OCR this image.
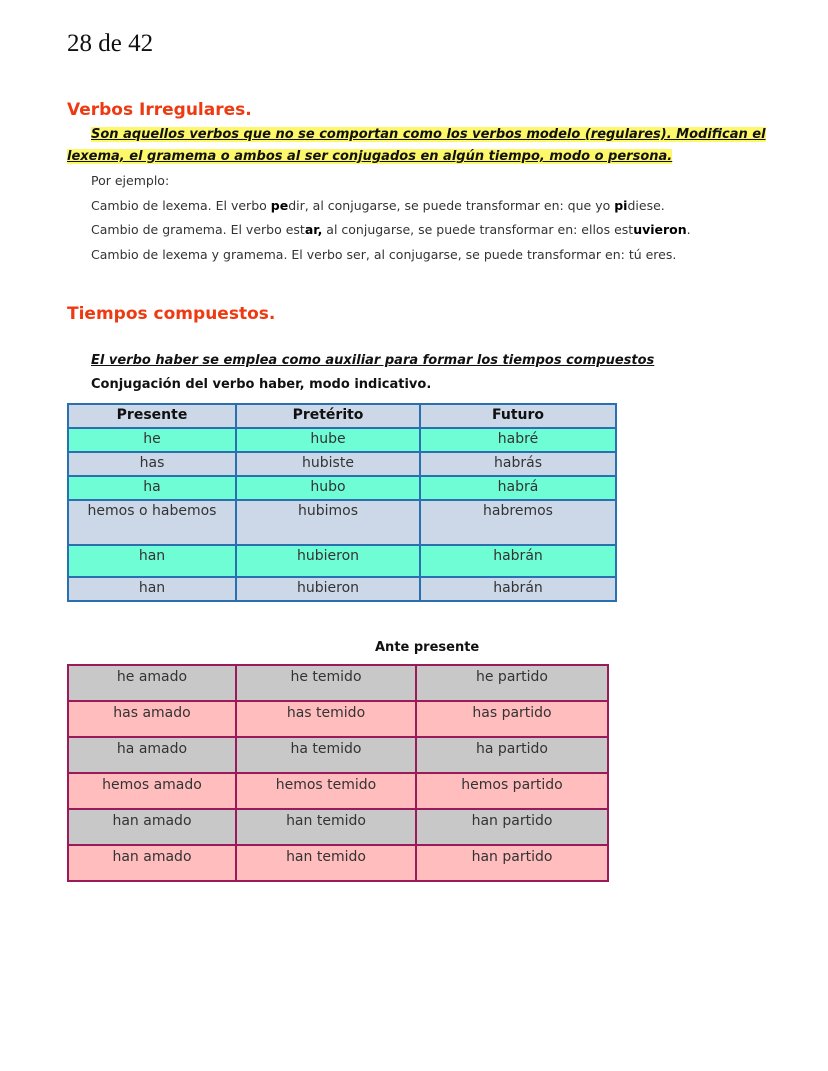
28 de 42
Verbos Irregulares.
Son aquellos verbos que no se comportan como los verbos modelo (regulares). Modifican el lexema, el gramema o ambos al ser conjugados en algún tiempo, modo o persona.
Por ejemplo:
Cambio de lexema. El verbo pedir, al conjugarse, se puede transformar en: que yo pidiese.
Cambio de gramema. El verbo estar, al conjugarse, se puede transformar en: ellos estuvieron.
Cambio de lexema y gramema. El verbo ser, al conjugarse, se puede transformar en: tú eres.
Tiempos compuestos.
El verbo haber se emplea como auxiliar para formar los tiempos compuestos
Conjugación del verbo haber, modo indicativo.
Presente	Pretérito	Futuro
he	hube	habré
has	hubiste	habrás
ha	hubo	habrá
hemos o habemos	hubimos	habremos
han	hubieron	habrán
han	hubieron	habrán
Ante presente
he amado	he temido	he partido
has amado	has temido	has partido
ha amado	ha temido	ha partido
hemos amado	hemos temido	hemos partido
han amado	han temido	han partido
han amado	han temido	han partido
